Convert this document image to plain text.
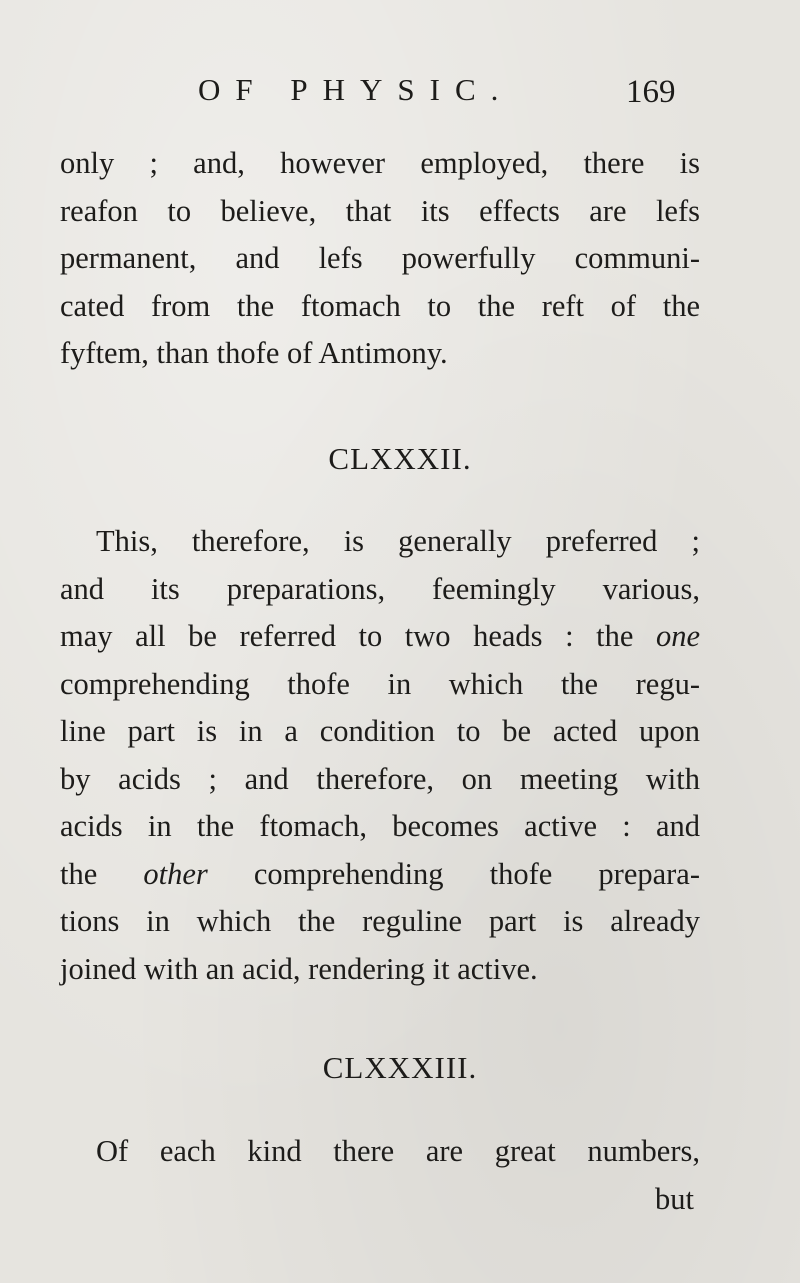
OF PHYSIC.	169
only ; and, however employed, there is
reafon to believe, that its effects are lefs
permanent, and lefs powerfully communi-
cated from the ftomach to the reft of the
fyftem, than thofe of Antimony.
CLXXXII.
This, therefore, is generally preferred ;
and its preparations, feemingly various,
may all be referred to two heads : the one
comprehending thofe in which the regu-
line part is in a condition to be acted upon
by acids ; and therefore, on meeting with
acids in the ftomach, becomes active : and
the other comprehending thofe prepara-
tions in which the reguline part is already
joined with an acid, rendering it active.
CLXXXIII.
Of each kind there are great numbers,
but
